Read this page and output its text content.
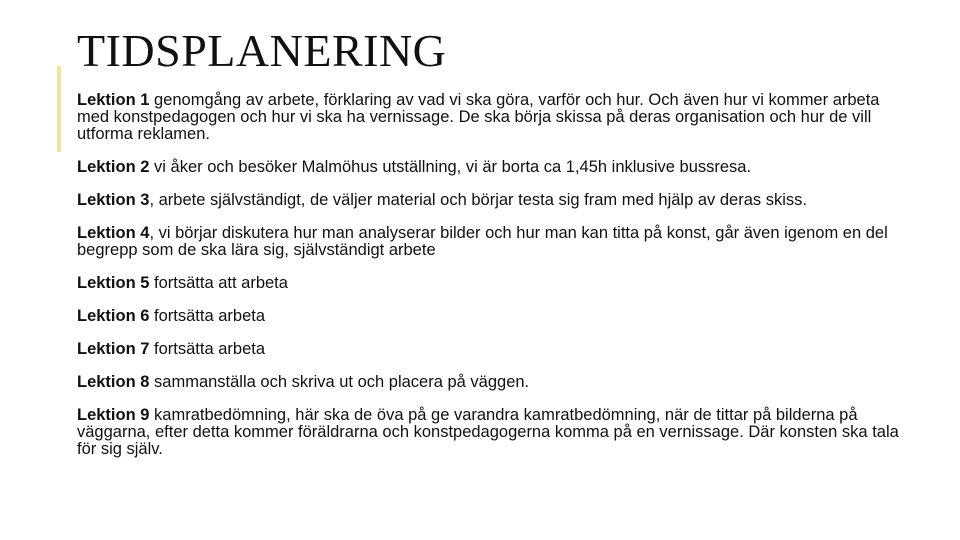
TIDSPLANERING
Lektion 1 genomgång av arbete, förklaring av vad vi ska göra, varför och hur. Och även hur vi kommer arbeta med konstpedagogen och hur vi ska ha vernissage. De ska börja skissa på deras organisation och hur de vill utforma reklamen.
Lektion 2 vi åker och besöker Malmöhus utställning, vi är borta ca 1,45h inklusive bussresa.
Lektion 3, arbete självständigt, de väljer material och börjar testa sig fram med hjälp av deras skiss.
Lektion 4, vi börjar diskutera hur man analyserar bilder och hur man kan titta på konst, går även igenom en del begrepp som de ska lära sig, självständigt arbete
Lektion 5 fortsätta att arbeta
Lektion 6 fortsätta arbeta
Lektion 7 fortsätta arbeta
Lektion 8 sammanställa och skriva ut och placera på väggen.
Lektion 9 kamratbedömning, här ska de öva på ge varandra kamratbedömning, när de tittar på bilderna på väggarna, efter detta kommer föräldrarna och konstpedagogerna komma på en vernissage. Där konsten ska tala för sig själv.
